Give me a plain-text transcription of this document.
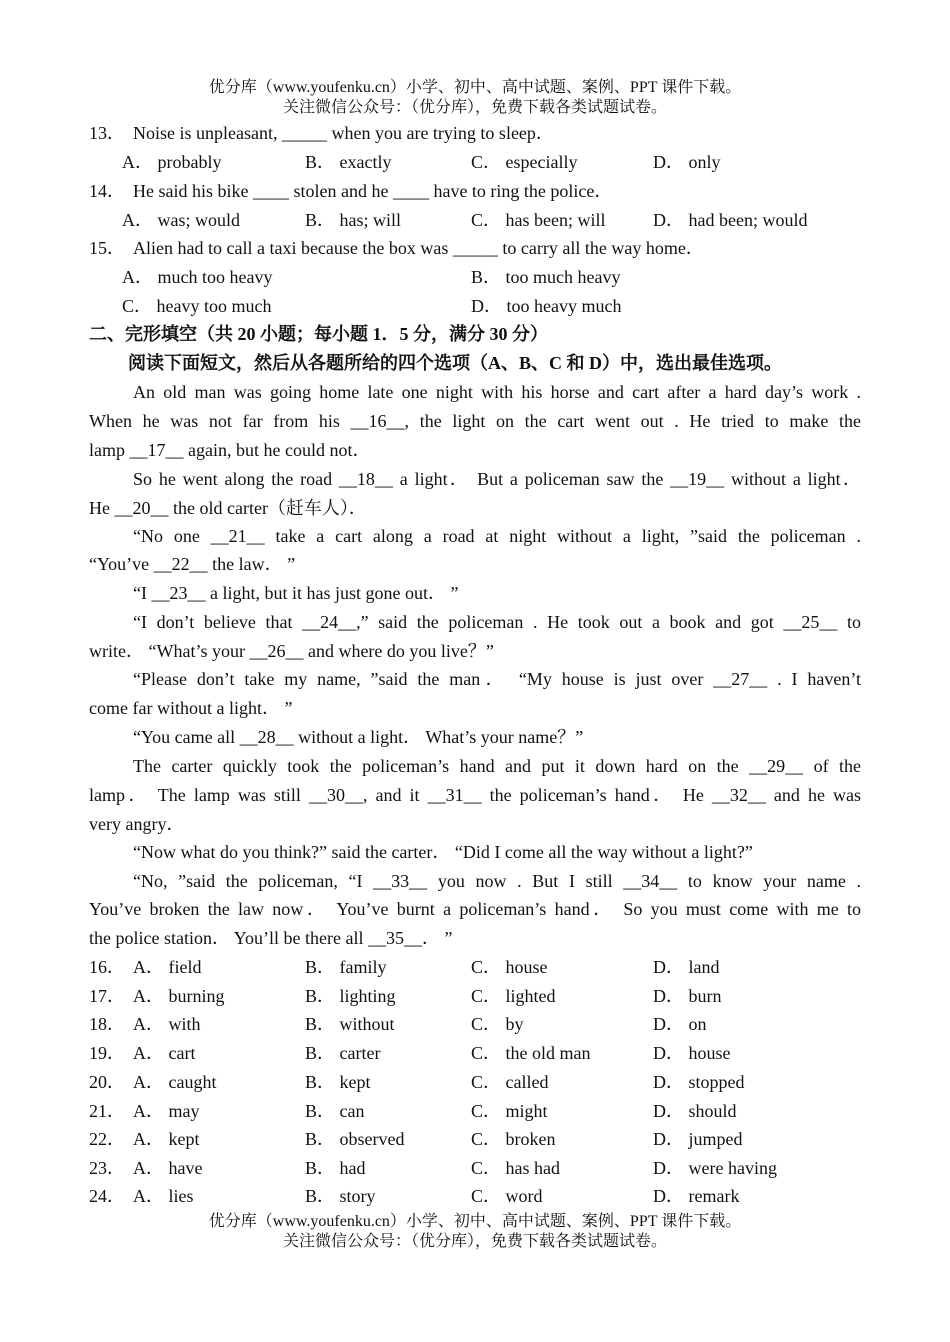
优分库（www.youfenku.cn）小学、初中、高中试题、案例、PPT 课件下载。
关注微信公众号：（优分库），免费下载各类试题试卷。
13． Noise is unpleasant, _____ when you are trying to sleep．
A． probably	B． exactly	C． especially	D． only
14． He said his bike ____ stolen and he ____ have to ring the police．
A． was; would	B． has; will	C． has been; will	D． had been; would
15． Alien had to call a taxi because the box was _____ to carry all the way home．
A． much too heavy	B． too much heavy
C． heavy too much	D． too heavy much
二、完形填空（共 20 小题；每小题 1．5 分，满分 30 分）
阅读下面短文，然后从各题所给的四个选项（A、B、C 和 D）中，选出最佳选项。
An old man was going home late one night with his horse and cart after a hard day’s work .
When he was not far from his __16__, the light on the cart went out . He tried to make the
lamp __17__ again, but he could not．
So he went along the road __18__ a light． But a policeman saw the __19__ without a light．
He __20__ the old carter（赶车人）．
“No one __21__ take a cart along a road at night without a light, ”said the policeman .
“You’ve __22__ the law． ”
“I __23__ a light, but it has just gone out． ”
“I don’t believe that __24__,” said the policeman . He took out a book and got __25__ to
write． “What’s your __26__ and where do you live？”
“Please don’t take my name, ”said the man． “My house is just over __27__ . I haven’t
come far without a light． ”
“You came all __28__ without a light． What’s your name？”
The carter quickly took the policeman’s hand and put it down hard on the __29__ of the
lamp． The lamp was still __30__, and it __31__ the policeman’s hand． He __32__ and he was
very angry．
“Now what do you think?” said the carter． “Did I come all the way without a light?”
“No, ”said the policeman, “I __33__ you now . But I still __34__ to know your name .
You’ve broken the law now． You’ve burnt a policeman’s hand． So you must come with me to
the police station． You’ll be there all __35__． ”
16． A． field	B． family	C． house	D． land
17． A． burning	B． lighting	C． lighted	D． burn
18． A． with	B． without	C． by	D． on
19． A． cart	B． carter	C． the old man	D． house
20． A． caught	B． kept	C． called	D． stopped
21． A． may	B． can	C． might	D． should
22． A． kept	B． observed	C． broken	D． jumped
23． A． have	B． had	C． has had	D． were having
24． A． lies	B． story	C． word	D． remark
优分库（www.youfenku.cn）小学、初中、高中试题、案例、PPT 课件下载。
关注微信公众号：（优分库），免费下载各类试题试卷。
